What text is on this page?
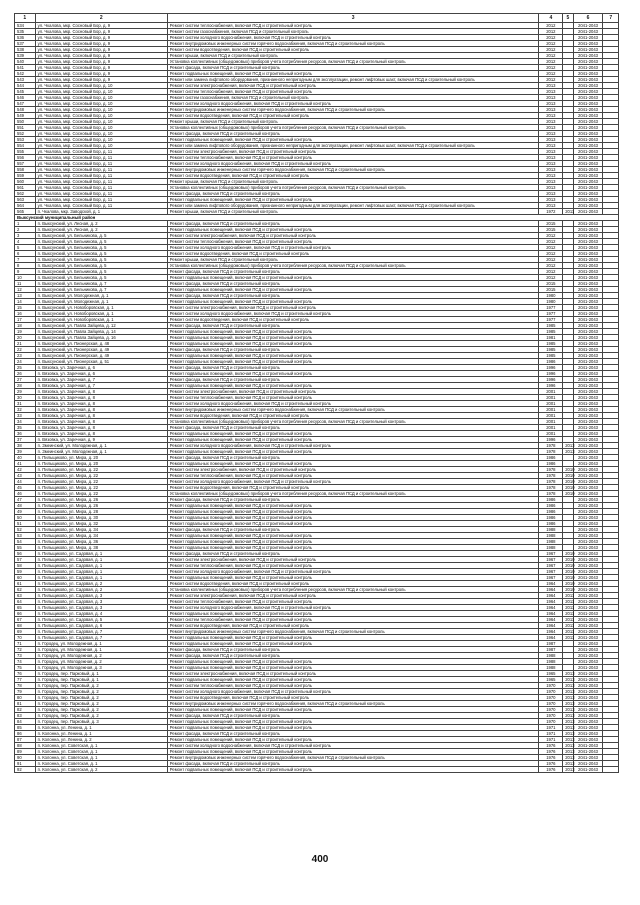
1	2	3	4	5	6	7
534	ул. Чкалова, мкр. Сосновый Бор, д. 9	Ремонт систем теплоснабжения, включая ПСД и строительный контроль	2012		2041-2043	
535	ул. Чкалова, мкр. Сосновый Бор, д. 9	Ремонт систем газоснабжения, включая ПСД и строительный контроль	2012		2041-2043	
536	ул. Чкалова, мкр. Сосновый Бор, д. 9	Ремонт систем холодного водоснабжения, включая ПСД и строительный контроль	2012		2041-2043	
537	ул. Чкалова, мкр. Сосновый Бор, д. 9	Ремонт внутридомовых инженерных систем горячего водоснабжения, включая ПСД и строительный контроль	2012		2041-2043	
538	ул. Чкалова, мкр. Сосновый Бор, д. 9	Ремонт систем водоотведения, включая ПСД и строительный контроль	2012		2041-2043	
539	ул. Чкалова, мкр. Сосновый Бор, д. 9	Ремонт крыши, включая ПСД и строительный контроль	2012		2041-2043	
540	ул. Чкалова, мкр. Сосновый Бор, д. 9	Установка коллективных (общедомовых) приборов учета потребления ресурсов, включая ПСД и строительный контроль	2012		2041-2043	
541	ул. Чкалова, мкр. Сосновый Бор, д. 9	Ремонт фасада, включая ПСД и строительный контроль	2012		2041-2043	
542	ул. Чкалова, мкр. Сосновый Бор, д. 9	Ремонт подвальных помещений, включая ПСД и строительный контроль	2012		2041-2043	
543	ул. Чкалова, мкр. Сосновый Бор, д. 9	Ремонт или замена лифтового оборудования, признанного непригодным для эксплуатации, ремонт лифтовых шахт, включая ПСД и строительный контроль	2012		2041-2043	
544	ул. Чкалова, мкр. Сосновый Бор, д. 10	Ремонт систем электроснабжения, включая ПСД и строительный контроль	2013		2041-2043	
545	ул. Чкалова, мкр. Сосновый Бор, д. 10	Ремонт систем теплоснабжения, включая ПСД и строительный контроль	2013		2041-2043	
546	ул. Чкалова, мкр. Сосновый Бор, д. 10	Ремонт систем газоснабжения, включая ПСД и строительный контроль	2013		2041-2043	
547	ул. Чкалова, мкр. Сосновый Бор, д. 10	Ремонт систем холодного водоснабжения, включая ПСД и строительный контроль	2013		2041-2043	
548	ул. Чкалова, мкр. Сосновый Бор, д. 10	Ремонт внутридомовых инженерных систем горячего водоснабжения, включая ПСД и строительный контроль	2013		2041-2043	
549	ул. Чкалова, мкр. Сосновый Бор, д. 10	Ремонт систем водоотведения, включая ПСД и строительный контроль	2013		2041-2043	
550	ул. Чкалова, мкр. Сосновый Бор, д. 10	Ремонт крыши, включая ПСД и строительный контроль	2013		2041-2043	
551	ул. Чкалова, мкр. Сосновый Бор, д. 10	Установка коллективных (общедомовых) приборов учета потребления ресурсов, включая ПСД и строительный контроль	2013		2041-2043	
552	ул. Чкалова, мкр. Сосновый Бор, д. 10	Ремонт фасада, включая ПСД и строительный контроль	2013		2041-2043	
553	ул. Чкалова, мкр. Сосновый Бор, д. 10	Ремонт подвальных помещений, включая ПСД и строительный контроль	2013		2041-2043	
554	ул. Чкалова, мкр. Сосновый Бор, д. 10	Ремонт или замена лифтового оборудования, признанного непригодным для эксплуатации, ремонт лифтовых шахт, включая ПСД и строительный контроль	2013		2041-2043	
555	ул. Чкалова, мкр. Сосновый Бор, д. 11	Ремонт систем электроснабжения, включая ПСД и строительный контроль	2013		2041-2043	
556	ул. Чкалова, мкр. Сосновый Бор, д. 11	Ремонт систем теплоснабжения, включая ПСД и строительный контроль	2013		2041-2043	
557	ул. Чкалова, мкр. Сосновый Бор, д. 11	Ремонт систем холодного водоснабжения, включая ПСД и строительный контроль	2013		2041-2043	
558	ул. Чкалова, мкр. Сосновый Бор, д. 11	Ремонт внутридомовых инженерных систем горячего водоснабжения, включая ПСД и строительный контроль	2013		2041-2043	
559	ул. Чкалова, мкр. Сосновый Бор, д. 11	Ремонт систем водоотведения, включая ПСД и строительный контроль	2013		2041-2043	
560	ул. Чкалова, мкр. Сосновый Бор, д. 11	Ремонт крыши, включая ПСД и строительный контроль	2013		2041-2043	
561	ул. Чкалова, мкр. Сосновый Бор, д. 11	Установка коллективных (общедомовых) приборов учета потребления ресурсов, включая ПСД и строительный контроль	2013		2041-2043	
562	ул. Чкалова, мкр. Сосновый Бор, д. 11	Ремонт фасада, включая ПСД и строительный контроль	2013		2041-2043	
563	ул. Чкалова, мкр. Сосновый Бор, д. 11	Ремонт подвальных помещений, включая ПСД и строительный контроль	2013		2041-2043	
564	ул. Чкалова, мкр. Сосновый Бор, д. 11	Ремонт или замена лифтового оборудования, признанного непригодным для эксплуатации, ремонт лифтовых шахт, включая ПСД и строительный контроль	2013		2041-2043	
565	п. Чкалова, мкр. Заводской, д. 1	Ремонт крыши, включая ПСД и строительный контроль	1972	2011	2041-2043	
Выксунский муниципальный район						
1	п. Выксунский, ул. Лесная, д. 2	Ремонт фасада, включая ПСД и строительный контроль	2015		2041-2043	
2	п. Выксунский, ул. Лесная, д. 2	Ремонт подвальных помещений, включая ПСД и строительный контроль	2015		2041-2043	
3	п. Выксунский, ул. Бельникова, д. 5	Ремонт систем электроснабжения, включая ПСД и строительный контроль	2012		2041-2043	
4	п. Выксунский, ул. Бельникова, д. 5	Ремонт систем теплоснабжения, включая ПСД и строительный контроль	2012		2041-2043	
5	п. Выксунский, ул. Бельникова, д. 5	Ремонт систем холодного водоснабжения, включая ПСД и строительный контроль	2012		2041-2043	
6	п. Выксунский, ул. Бельникова, д. 5	Ремонт систем водоотведения, включая ПСД и строительный контроль	2012		2041-2043	
7	п. Выксунский, ул. Бельникова, д. 5	Ремонт крыши, включая ПСД и строительный контроль	2012		2041-2043	
8	п. Выксунский, ул. Бельникова, д. 5	Установка коллективных (общедомовых) приборов учета потребления ресурсов, включая ПСД и строительный контроль	2012		2041-2043	
9	п. Выксунский, ул. Бельникова, д. 5	Ремонт фасада, включая ПСД и строительный контроль	2012		2041-2043	
10	п. Выксунский, ул. Бельникова, д. 5	Ремонт подвальных помещений, включая ПСД и строительный контроль	2012		2041-2043	
11	п. Выксунский, ул. Бельникова, д. 7	Ремонт фасада, включая ПСД и строительный контроль	2015		2041-2043	
12	п. Выксунский, ул. Бельникова, д. 7	Ремонт подвальных помещений, включая ПСД и строительный контроль	2015		2041-2043	
13	п. Выксунский, ул. Молодежная, д. 1	Ремонт фасада, включая ПСД и строительный контроль	1980		2041-2043	
14	п. Выксунский, ул. Молодежная, д. 1	Ремонт подвальных помещений, включая ПСД и строительный контроль	1980		2041-2043	
15	п. Выксунский, ул. Новоборовская, д. 1	Ремонт систем электроснабжения, включая ПСД и строительный контроль	1977		2041-2043	
16	п. Выксунский, ул. Новоборовская, д. 1	Ремонт систем холодного водоснабжения, включая ПСД и строительный контроль	1977		2041-2043	
17	п. Выксунский, ул. Новоборовская, д. 1	Ремонт систем водоотведения, включая ПСД и строительный контроль	1977		2041-2043	
18	п. Выксунский, ул. Павла Зайцева, д. 12	Ремонт фасада, включая ПСД и строительный контроль	1985		2041-2043	
19	п. Выксунский, ул. Павла Зайцева, д. 14	Ремонт подвальных помещений, включая ПСД и строительный контроль	1985		2041-2043	
20	п. Выксунский, ул. Павла Зайцева, д. 16	Ремонт подвальных помещений, включая ПСД и строительный контроль	1981		2041-2043	
21	п. Выксунский, ул. Пионерская, д. 48	Ремонт подвальных помещений, включая ПСД и строительный контроль	1985		2041-2043	
22	п. Выксунский, ул. Пионерская, д. 49	Ремонт фасада, включая ПСД и строительный контроль	1985		2041-2043	
23	п. Выксунский, ул. Пионерская, д. 49	Ремонт подвальных помещений, включая ПСД и строительный контроль	1985		2041-2043	
24	п. Выксунский, ул. Пионерская, д. 51	Ремонт подвальных помещений, включая ПСД и строительный контроль	1986		2041-2043	
25	п. Вязовка, ул. Заречная, д. 6	Ремонт фасада, включая ПСД и строительный контроль	1996		2041-2043	
26	п. Вязовка, ул. Заречная, д. 6	Ремонт подвальных помещений, включая ПСД и строительный контроль	1996		2041-2043	
27	п. Вязовка, ул. Заречная, д. 7	Ремонт фасада, включая ПСД и строительный контроль	1996		2041-2043	
28	п. Вязовка, ул. Заречная, д. 7	Ремонт подвальных помещений, включая ПСД и строительный контроль	1996		2041-2043	
29	п. Вязовка, ул. Заречная, д. 8	Ремонт систем электроснабжения, включая ПСД и строительный контроль	2001		2041-2043	
30	п. Вязовка, ул. Заречная, д. 8	Ремонт систем теплоснабжения, включая ПСД и строительный контроль	2001		2041-2043	
31	п. Вязовка, ул. Заречная, д. 8	Ремонт систем холодного водоснабжения, включая ПСД и строительный контроль	2001		2041-2043	
32	п. Вязовка, ул. Заречная, д. 8	Ремонт внутридомовых инженерных систем горячего водоснабжения, включая ПСД и строительный контроль	2001		2041-2043	
33	п. Вязовка, ул. Заречная, д. 8	Ремонт систем водоотведения, включая ПСД и строительный контроль	2001		2041-2043	
34	п. Вязовка, ул. Заречная, д. 8	Установка коллективных (общедомовых) приборов учета потребления ресурсов, включая ПСД и строительный контроль	2001		2041-2043	
35	п. Вязовка, ул. Заречная, д. 8	Ремонт фасада, включая ПСД и строительный контроль	2001		2041-2043	
36	п. Вязовка, ул. Заречная, д. 8	Ремонт подвальных помещений, включая ПСД и строительный контроль	2001		2041-2043	
37	п. Вязовка, ул. Заречная, д. 9	Ремонт подвальных помещений, включая ПСД и строительный контроль	1996		2041-2043	
38	п. Змеинский, ул. Молодежная, д. 1	Ремонт систем холодного водоснабжения, включая ПСД и строительный контроль	1978	2013	2041-2043	
39	п. Змеинский, ул. Молодежная, д. 1	Ремонт подвальных помещений, включая ПСД и строительный контроль	1978	2013	2041-2043	
40	п. Пильщиково, ул. Мира, д. 20	Ремонт фасада, включая ПСД и строительный контроль	1986		2041-2043	
41	п. Пильщиково, ул. Мира, д. 20	Ремонт подвальных помещений, включая ПСД и строительный контроль	1986		2041-2043	
42	п. Пильщиково, ул. Мира, д. 22	Ремонт систем электроснабжения, включая ПСД и строительный контроль	1978	2010	2041-2043	
43	п. Пильщиково, ул. Мира, д. 22	Ремонт систем теплоснабжения, включая ПСД и строительный контроль	1978	2010	2041-2043	
44	п. Пильщиково, ул. Мира, д. 22	Ремонт систем холодного водоснабжения, включая ПСД и строительный контроль	1978	2010	2041-2043	
45	п. Пильщиково, ул. Мира, д. 22	Ремонт систем водоотведения, включая ПСД и строительный контроль	1978	2010	2041-2043	
46	п. Пильщиково, ул. Мира, д. 22	Установка коллективных (общедомовых) приборов учета потребления ресурсов, включая ПСД и строительный контроль	1978	2010	2041-2043	
47	п. Пильщиково, ул. Мира, д. 26	Ремонт фасада, включая ПСД и строительный контроль	1986		2041-2043	
48	п. Пильщиково, ул. Мира, д. 26	Ремонт подвальных помещений, включая ПСД и строительный контроль	1986		2041-2043	
49	п. Пильщиково, ул. Мира, д. 28	Ремонт подвальных помещений, включая ПСД и строительный контроль	1986		2041-2043	
50	п. Пильщиково, ул. Мира, д. 30	Ремонт подвальных помещений, включая ПСД и строительный контроль	1986		2041-2043	
51	п. Пильщиково, ул. Мира, д. 32	Ремонт подвальных помещений, включая ПСД и строительный контроль	1986		2041-2043	
52	п. Пильщиково, ул. Мира, д. 34	Ремонт фасада, включая ПСД и строительный контроль	1988		2041-2043	
53	п. Пильщиково, ул. Мира, д. 34	Ремонт подвальных помещений, включая ПСД и строительный контроль	1988		2041-2043	
54	п. Пильщиково, ул. Мира, д. 36	Ремонт подвальных помещений, включая ПСД и строительный контроль	1988		2041-2043	
55	п. Пильщиково, ул. Мира, д. 38	Ремонт подвальных помещений, включая ПСД и строительный контроль	1988		2041-2043	
56	п. Пильщиково, ул. Садовая, д. 1	Ремонт фасада, включая ПСД и строительный контроль	1967	2010	2041-2043	
57	п. Пильщиково, ул. Садовая, д. 1	Ремонт систем электроснабжения, включая ПСД и строительный контроль	1967	2010	2041-2043	
58	п. Пильщиково, ул. Садовая, д. 1	Ремонт систем теплоснабжения, включая ПСД и строительный контроль	1967	2010	2041-2043	
59	п. Пильщиково, ул. Садовая, д. 1	Ремонт систем холодного водоснабжения, включая ПСД и строительный контроль	1967	2010	2041-2043	
60	п. Пильщиково, ул. Садовая, д. 1	Ремонт подвальных помещений, включая ПСД и строительный контроль	1967	2010	2041-2043	
61	п. Пильщиково, ул. Садовая, д. 2	Ремонт систем водоотведения, включая ПСД и строительный контроль	1964	2010	2041-2043	
62	п. Пильщиково, ул. Садовая, д. 2	Установка коллективных (общедомовых) приборов учета потребления ресурсов, включая ПСД и строительный контроль	1964	2010	2041-2043	
63	п. Пильщиково, ул. Садовая, д. 3	Ремонт систем электроснабжения, включая ПСД и строительный контроль	1964	2011	2041-2043	
64	п. Пильщиково, ул. Садовая, д. 3	Ремонт систем теплоснабжения, включая ПСД и строительный контроль	1964	2011	2041-2043	
65	п. Пильщиково, ул. Садовая, д. 3	Ремонт систем холодного водоснабжения, включая ПСД и строительный контроль	1964	2011	2041-2043	
66	п. Пильщиково, ул. Садовая, д. 4	Ремонт подвальных помещений, включая ПСД и строительный контроль	1964	2011	2041-2043	
67	п. Пильщиково, ул. Садовая, д. 5	Ремонт систем теплоснабжения, включая ПСД и строительный контроль	1964	2011	2041-2043	
68	п. Пильщиково, ул. Садовая, д. 6	Ремонт систем водоотведения, включая ПСД и строительный контроль	1964	2011	2041-2043	
69	п. Пильщиково, ул. Садовая, д. 7	Ремонт внутридомовых инженерных систем горячего водоснабжения, включая ПСД и строительный контроль	1964	2011	2041-2043	
70	п. Пильщиково, ул. Садовая, д. 7	Ремонт подвальных помещений, включая ПСД и строительный контроль	1964	2011	2041-2043	
71	п. Городец, ул. Молодежная, д. 1	Ремонт подвальных помещений, включая ПСД и строительный контроль	1987		2041-2043	
72	п. Городец, ул. Молодежная, д. 1	Ремонт фасада, включая ПСД и строительный контроль	1987		2041-2043	
73	п. Городец, ул. Молодежная, д. 2	Ремонт фасада, включая ПСД и строительный контроль	1988		2041-2043	
74	п. Городец, ул. Молодежная, д. 2	Ремонт подвальных помещений, включая ПСД и строительный контроль	1988		2041-2043	
75	п. Городец, ул. Молодежная, д. 3	Ремонт подвальных помещений, включая ПСД и строительный контроль	1988		2041-2043	
76	п. Городец, пер. Парковый, д. 1	Ремонт систем электроснабжения, включая ПСД и строительный контроль	1965	2013	2041-2043	
77	п. Городец, пер. Парковый, д. 1	Ремонт подвальных помещений, включая ПСД и строительный контроль	1965	2013	2041-2043	
78	п. Городец, пер. Парковый, д. 2	Ремонт систем теплоснабжения, включая ПСД и строительный контроль	1970	2013	2041-2043	
79	п. Городец, пер. Парковый, д. 2	Ремонт систем холодного водоснабжения, включая ПСД и строительный контроль	1970	2013	2041-2043	
80	п. Городец, пер. Парковый, д. 2	Ремонт систем водоотведения, включая ПСД и строительный контроль	1970	2013	2041-2043	
81	п. Городец, пер. Парковый, д. 2	Ремонт внутридомовых инженерных систем горячего водоснабжения, включая ПСД и строительный контроль	1970	2013	2041-2043	
82	п. Городец, пер. Парковый, д. 2	Ремонт подвальных помещений, включая ПСД и строительный контроль	1970	2013	2041-2043	
83	п. Городец, пер. Парковый, д. 2	Ремонт фасада, включая ПСД и строительный контроль	1970	2013	2041-2043	
84	п. Городец, пер. Парковый, д. 3	Ремонт подвальных помещений, включая ПСД и строительный контроль	1970	2013	2041-2043	
85	п. Колонна, ул. Ленина, д. 1	Ремонт подвальных помещений, включая ПСД и строительный контроль	1971	2013	2041-2043	
86	п. Колонна, ул. Ленина, д. 1	Ремонт фасада, включая ПСД и строительный контроль	1971	2013	2041-2043	
87	п. Колонна, ул. Ленина, д. 2	Ремонт подвальных помещений, включая ПСД и строительный контроль	1971	2013	2041-2043	
88	п. Колонна, ул. Советская, д. 1	Ремонт систем холодного водоснабжения, включая ПСД и строительный контроль	1976	2013	2041-2043	
89	п. Колонна, ул. Советская, д. 1	Ремонт подвальных помещений, включая ПСД и строительный контроль	1976	2013	2041-2043	
90	п. Колонна, ул. Советская, д. 1	Ремонт внутридомовых инженерных систем горячего водоснабжения, включая ПСД и строительный контроль	1976	2013	2041-2043	
91	п. Колонна, ул. Советская, д. 1	Ремонт фасада, включая ПСД и строительный контроль	1976	2013	2041-2043	
92	п. Колонна, ул. Советская, д. 2	Ремонт подвальных помещений, включая ПСД и строительный контроль	1976	2013	2041-2043	
400
